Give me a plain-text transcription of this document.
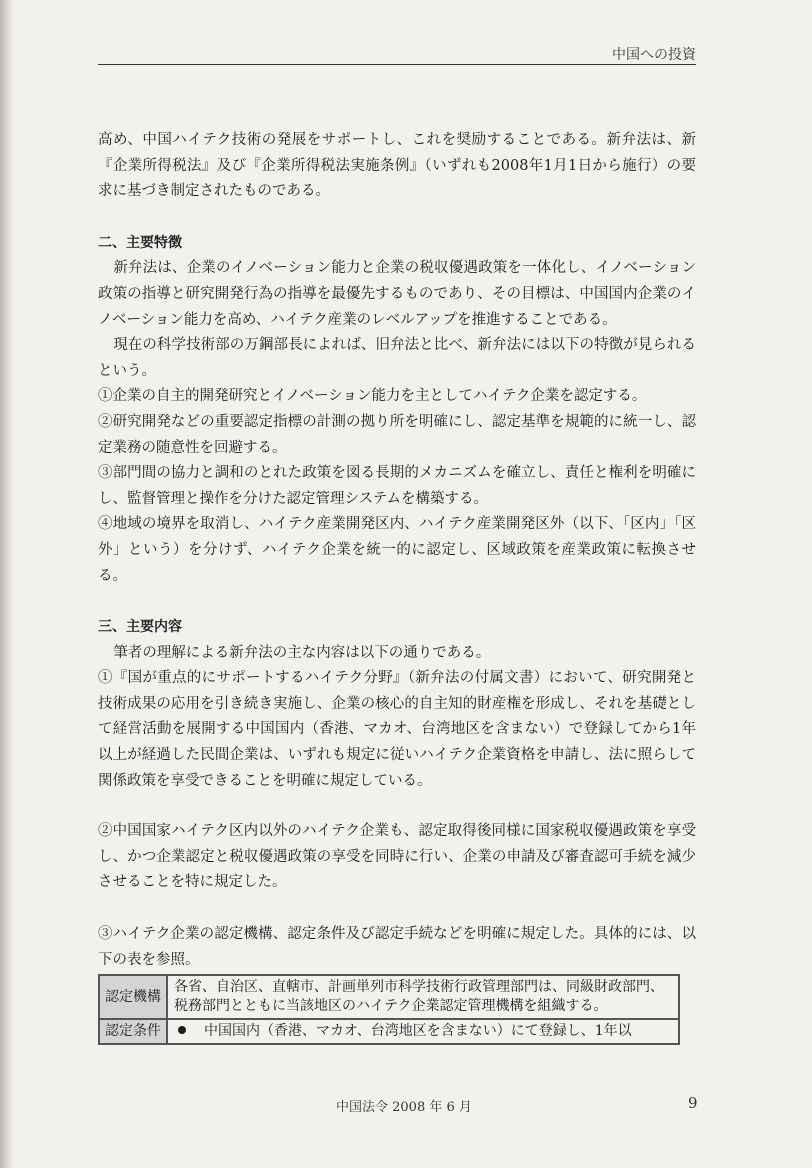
中国への投資

高め、中国ハイテク技術の発展をサポートし、これを奨励することである。新弁法は、新『企業所得税法』及び『企業所得税法実施条例』（いずれも2008年1月1日から施行）の要求に基づき制定されたものである。

二、主要特徴

新弁法は、企業のイノベーション能力と企業の税収優遇政策を一体化し、イノベーション政策の指導と研究開発行為の指導を最優先するものであり、その目標は、中国国内企業のイノベーション能力を高め、ハイテク産業のレベルアップを推進することである。

現在の科学技術部の万鋼部長によれば、旧弁法と比べ、新弁法には以下の特徴が見られるという。

①企業の自主的開発研究とイノベーション能力を主としてハイテク企業を認定する。

②研究開発などの重要認定指標の計測の拠り所を明確にし、認定基準を規範的に統一し、認定業務の随意性を回避する。

③部門間の協力と調和のとれた政策を図る長期的メカニズムを確立し、責任と権利を明確にし、監督管理と操作を分けた認定管理システムを構築する。

④地域の境界を取消し、ハイテク産業開発区内、ハイテク産業開発区外（以下、「区内」「区外」という）を分けず、ハイテク企業を統一的に認定し、区域政策を産業政策に転換させる。

三、主要内容

筆者の理解による新弁法の主な内容は以下の通りである。

①『国が重点的にサポートするハイテク分野』（新弁法の付属文書）において、研究開発と技術成果の応用を引き続き実施し、企業の核心的自主知的財産権を形成し、それを基礎として経営活動を展開する中国国内（香港、マカオ、台湾地区を含まない）で登録してから1年以上が経過した民間企業は、いずれも規定に従いハイテク企業資格を申請し、法に照らして関係政策を享受できることを明確に規定している。

②中国国家ハイテク区内以外のハイテク企業も、認定取得後同様に国家税収優遇政策を享受し、かつ企業認定と税収優遇政策の享受を同時に行い、企業の申請及び審査認可手続を減少させることを特に規定した。

③ハイテク企業の認定機構、認定条件及び認定手続などを明確に規定した。具体的には、以下の表を参照。

認定機構	各省、自治区、直轄市、計画単列市科学技術行政管理部門は、同級財政部門、税務部門とともに当該地区のハイテク企業認定管理機構を組織する。
認定条件	中国国内（香港、マカオ、台湾地区を含まない）にて登録し、1年以
中国法令 2008 年 6 月	9
